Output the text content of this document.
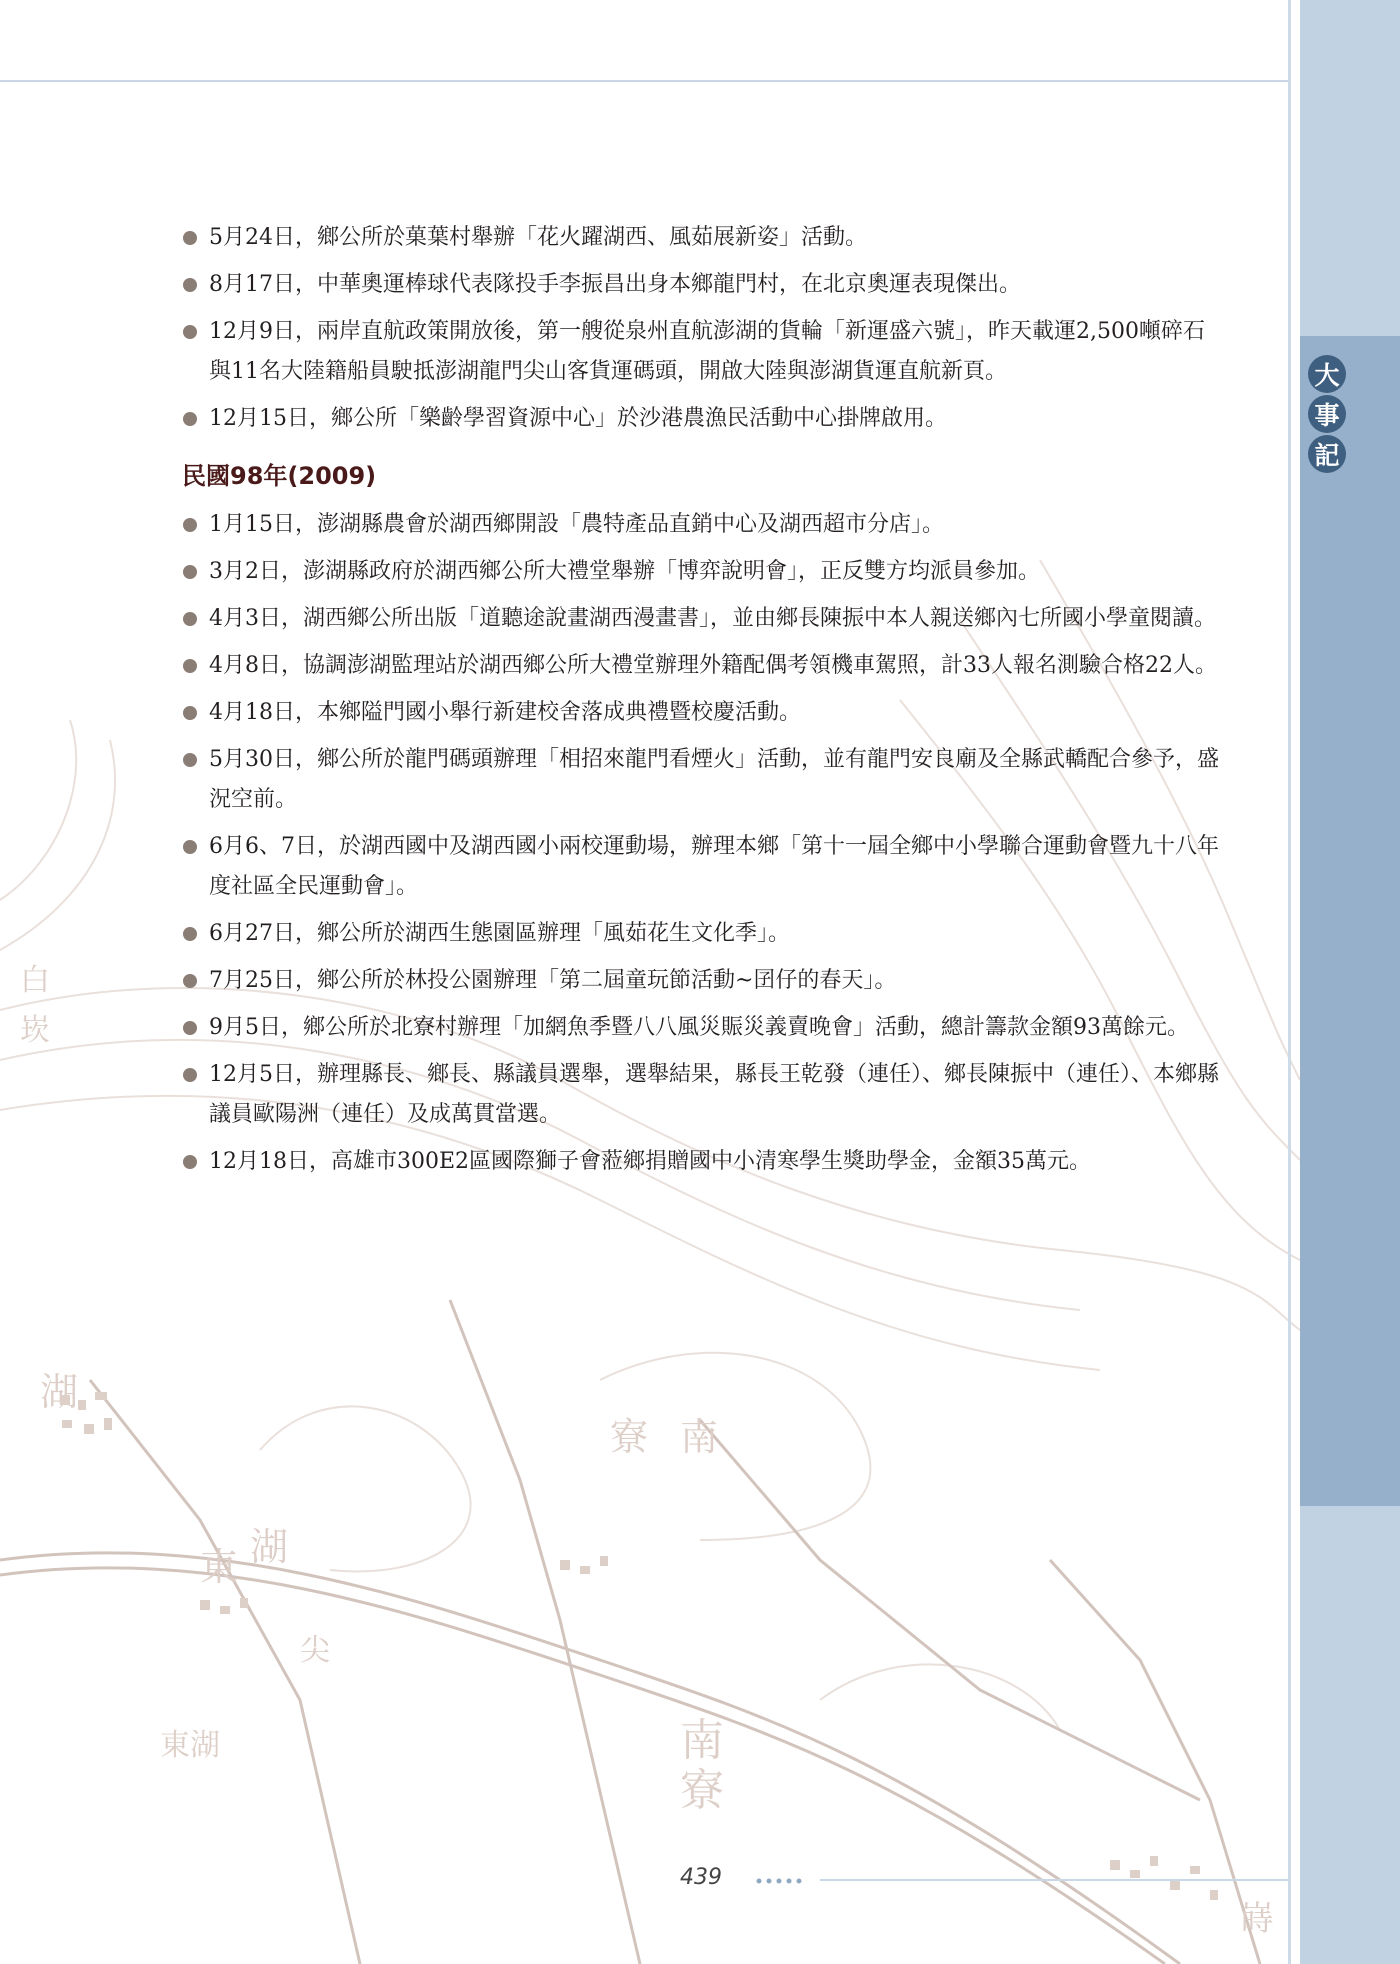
湖
寮 南
東 湖
東湖	南
寮
白
崁
嵵
尖
大
事
記
5月24日，鄉公所於菓葉村舉辦「花火躍湖西、風茹展新姿」活動。
8月17日，中華奧運棒球代表隊投手李振昌出身本鄉龍門村，在北京奧運表現傑出。
12月9日，兩岸直航政策開放後，第一艘從泉州直航澎湖的貨輪「新運盛六號」，昨天載運2,500噸碎石與11名大陸籍船員駛抵澎湖龍門尖山客貨運碼頭，開啟大陸與澎湖貨運直航新頁。
12月15日，鄉公所「樂齡學習資源中心」於沙港農漁民活動中心掛牌啟用。
民國98年(2009)
1月15日，澎湖縣農會於湖西鄉開設「農特產品直銷中心及湖西超市分店」。
3月2日，澎湖縣政府於湖西鄉公所大禮堂舉辦「博弈說明會」，正反雙方均派員參加。
4月3日，湖西鄉公所出版「道聽途說畫湖西漫畫書」，並由鄉長陳振中本人親送鄉內七所國小學童閱讀。
4月8日，協調澎湖監理站於湖西鄉公所大禮堂辦理外籍配偶考領機車駕照，計33人報名測驗合格22人。
4月18日，本鄉隘門國小舉行新建校舍落成典禮暨校慶活動。
5月30日，鄉公所於龍門碼頭辦理「相招來龍門看煙火」活動，並有龍門安良廟及全縣武轎配合參予，盛況空前。
6月6、7日，於湖西國中及湖西國小兩校運動場，辦理本鄉「第十一屆全鄉中小學聯合運動會暨九十八年度社區全民運動會」。
6月27日，鄉公所於湖西生態園區辦理「風茹花生文化季」。
7月25日，鄉公所於林投公園辦理「第二屆童玩節活動~囝仔的春天」。
9月5日，鄉公所於北寮村辦理「加網魚季暨八八風災賑災義賣晚會」活動，總計籌款金額93萬餘元。
12月5日，辦理縣長、鄉長、縣議員選舉，選舉結果，縣長王乾發（連任）、鄉長陳振中（連任）、本鄉縣議員歐陽洲（連任）及成萬貫當選。
12月18日，高雄市300E2區國際獅子會蒞鄉捐贈國中小清寒學生獎助學金，金額35萬元。
439
